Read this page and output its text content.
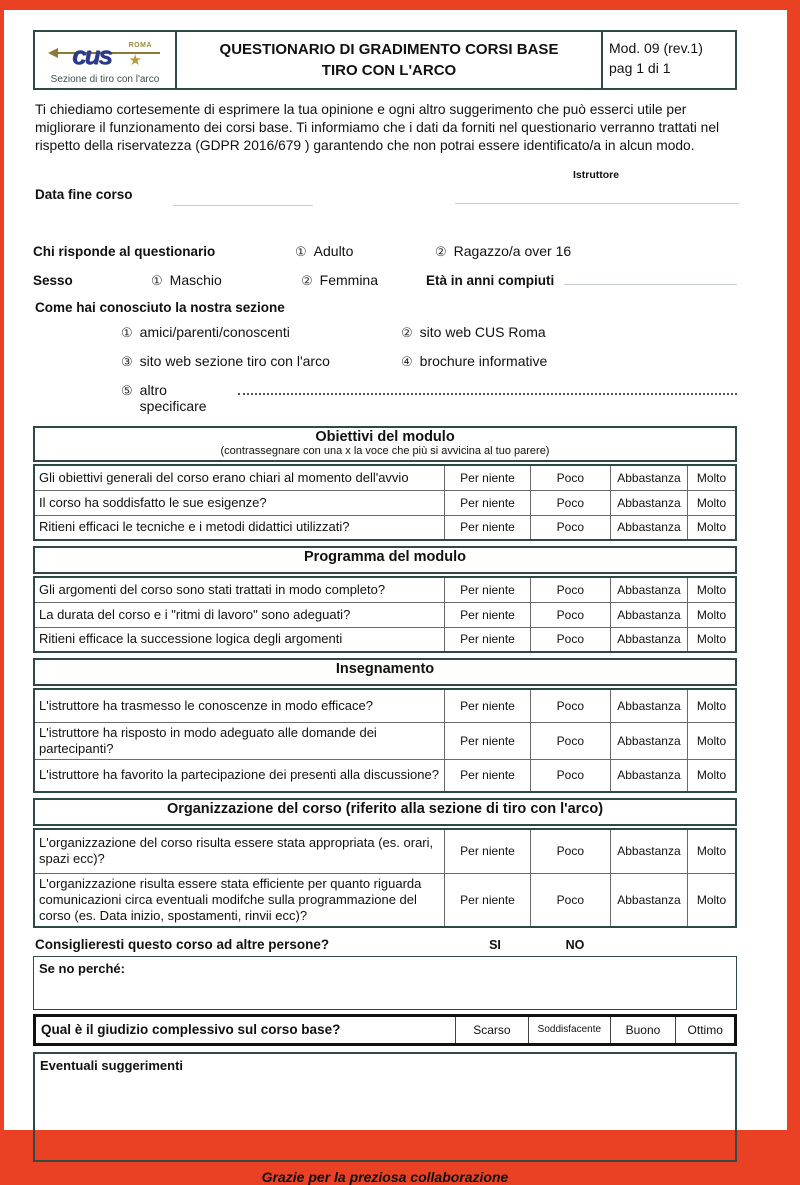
cus	ROMA
★
Sezione di tiro con l'arco
QUESTIONARIO DI GRADIMENTO CORSI BASE
TIRO CON L'ARCO
Mod. 09 (rev.1)
pag 1 di 1
Ti chiediamo cortesemente di esprimere la tua opinione e ogni altro suggerimento che può esserci utile per migliorare il funzionamento dei corsi base. Ti informiamo che i dati da forniti nel questionario verranno trattati nel rispetto della riservatezza (GDPR 2016/679 ) garantendo che non potrai essere identificato/a in alcun modo.
Istruttore
Data fine corso
Chi risponde al questionario	① Adulto	② Ragazzo/a over 16
Sesso	① Maschio	② Femmina	Età in anni compiuti
Come hai conosciuto la nostra sezione
① amici/parenti/conoscenti	② sito web CUS Roma
③ sito web sezione tiro con l'arco	④ brochure informative
⑤ altro specificare
Obiettivi del modulo
(contrassegnare con una x la voce che più si avvicina al tuo parere)
Gli obiettivi generali del corso erano chiari al momento dell'avvio	Per niente	Poco	Abbastanza	Molto
Il corso ha soddisfatto le sue esigenze?	Per niente	Poco	Abbastanza	Molto
Ritieni efficaci le tecniche e i metodi didattici utilizzati?	Per niente	Poco	Abbastanza	Molto
Programma del modulo
Gli argomenti del corso sono stati trattati in modo completo?	Per niente	Poco	Abbastanza	Molto
La durata del corso e i "ritmi di lavoro" sono adeguati?	Per niente	Poco	Abbastanza	Molto
Ritieni efficace la successione logica degli argomenti	Per niente	Poco	Abbastanza	Molto
Insegnamento
L'istruttore ha trasmesso le conoscenze in modo efficace?	Per niente	Poco	Abbastanza	Molto
L'istruttore ha risposto in modo adeguato alle domande dei partecipanti?	Per niente	Poco	Abbastanza	Molto
L'istruttore ha favorito la partecipazione dei presenti alla discussione?	Per niente	Poco	Abbastanza	Molto
Organizzazione del corso (riferito alla sezione di tiro con l'arco)
L'organizzazione del corso risulta essere stata appropriata (es. orari, spazi ecc)?	Per niente	Poco	Abbastanza	Molto
L'organizzazione risulta essere stata efficiente per quanto riguarda comunicazioni circa eventuali modifche sulla programmazione del corso (es. Data inizio, spostamenti, rinvii ecc)?	Per niente	Poco	Abbastanza	Molto
Consiglieresti questo corso ad altre persone?	SI	NO
Se no perché:
Qual è il giudizio complessivo sul corso base?	Scarso	Soddisfacente	Buono	Ottimo
Eventuali suggerimenti
Grazie per la preziosa collaborazione
